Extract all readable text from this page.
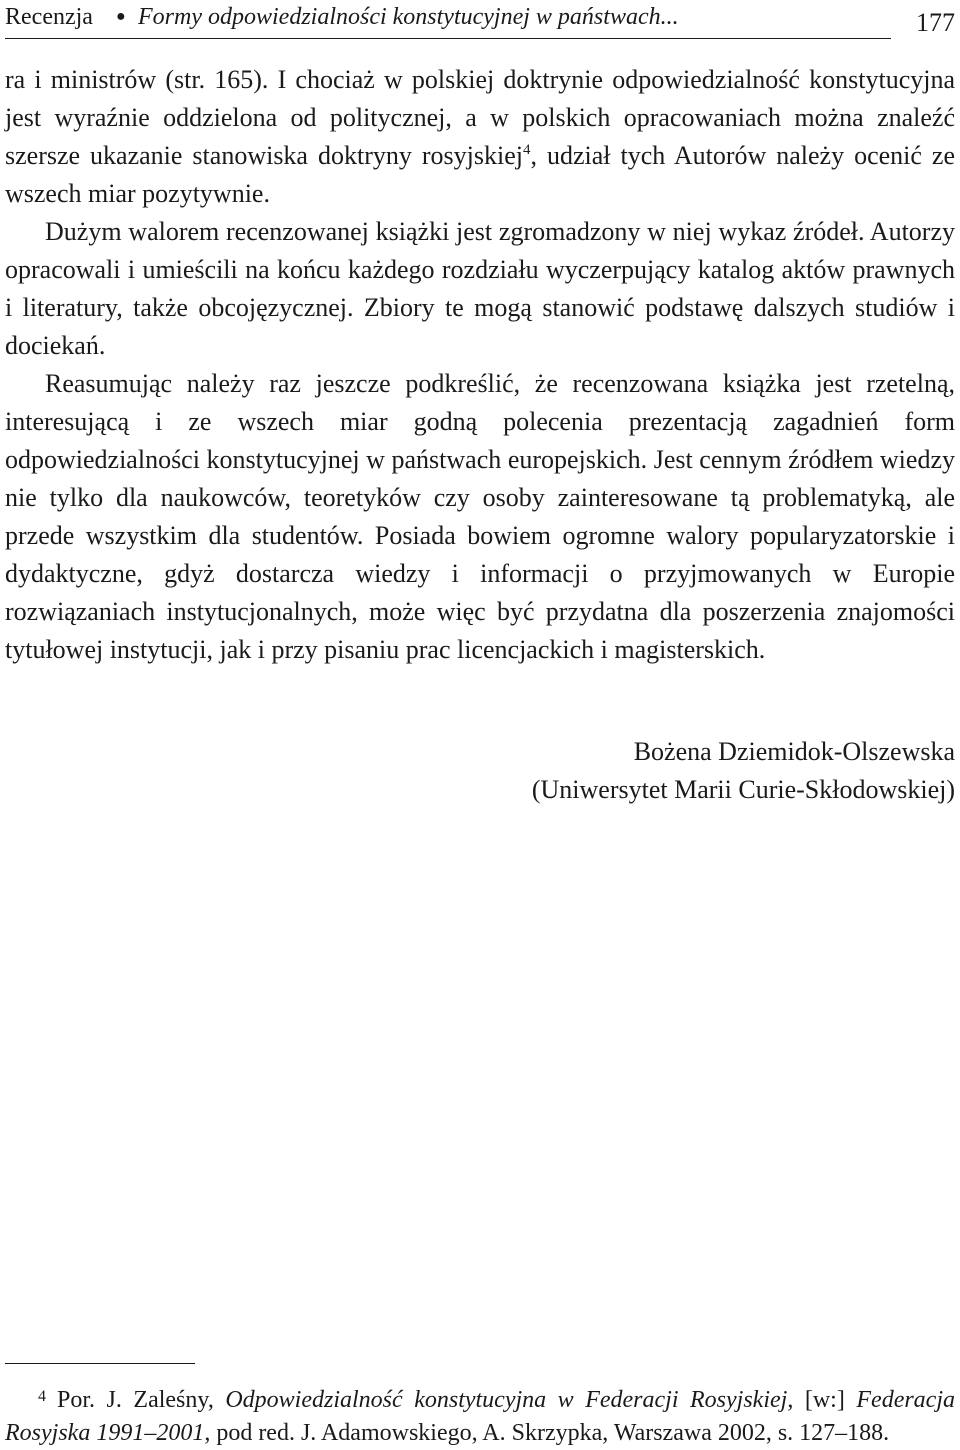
Recenzja ● Formy odpowiedzialności konstytucyjnej w państwach...	177

ra i ministrów (str. 165). I chociaż w polskiej doktrynie odpowiedzialność konstytucyjna jest wyraźnie oddzielona od politycznej, a w polskich opracowaniach można znaleźć szersze ukazanie stanowiska doktryny rosyjskiej$^4$, udział tych Autorów należy ocenić ze wszech miar pozytywnie.

Dużym walorem recenzowanej książki jest zgromadzony w niej wykaz źródeł. Autorzy opracowali i umieścili na końcu każdego rozdziału wyczerpujący katalog aktów prawnych i literatury, także obcojęzycznej. Zbiory te mogą stanowić podstawę dalszych studiów i dociekań.

Reasumując należy raz jeszcze podkreślić, że recenzowana książka jest rzetelną, interesującą i ze wszech miar godną polecenia prezentacją zagadnień form odpowiedzialności konstytucyjnej w państwach europejskich. Jest cennym źródłem wiedzy nie tylko dla naukowców, teoretyków czy osoby zainteresowane tą problematyką, ale przede wszystkim dla studentów. Posiada bowiem ogromne walory popularyzatorskie i dydaktyczne, gdyż dostarcza wiedzy i informacji o przyjmowanych w Europie rozwiązaniach instytucjonalnych, może więc być przydatna dla poszerzenia znajomości tytułowej instytucji, jak i przy pisaniu prac licencjackich i magisterskich.

Bożena Dziemidok-Olszewska
(Uniwersytet Marii Curie-Skłodowskiej)
4 Por. J. Zaleśny, Odpowiedzialność konstytucyjna w Federacji Rosyjskiej, [w:] Federacja Rosyjska 1991–2001, pod red. J. Adamowskiego, A. Skrzypka, Warszawa 2002, s. 127–188.
